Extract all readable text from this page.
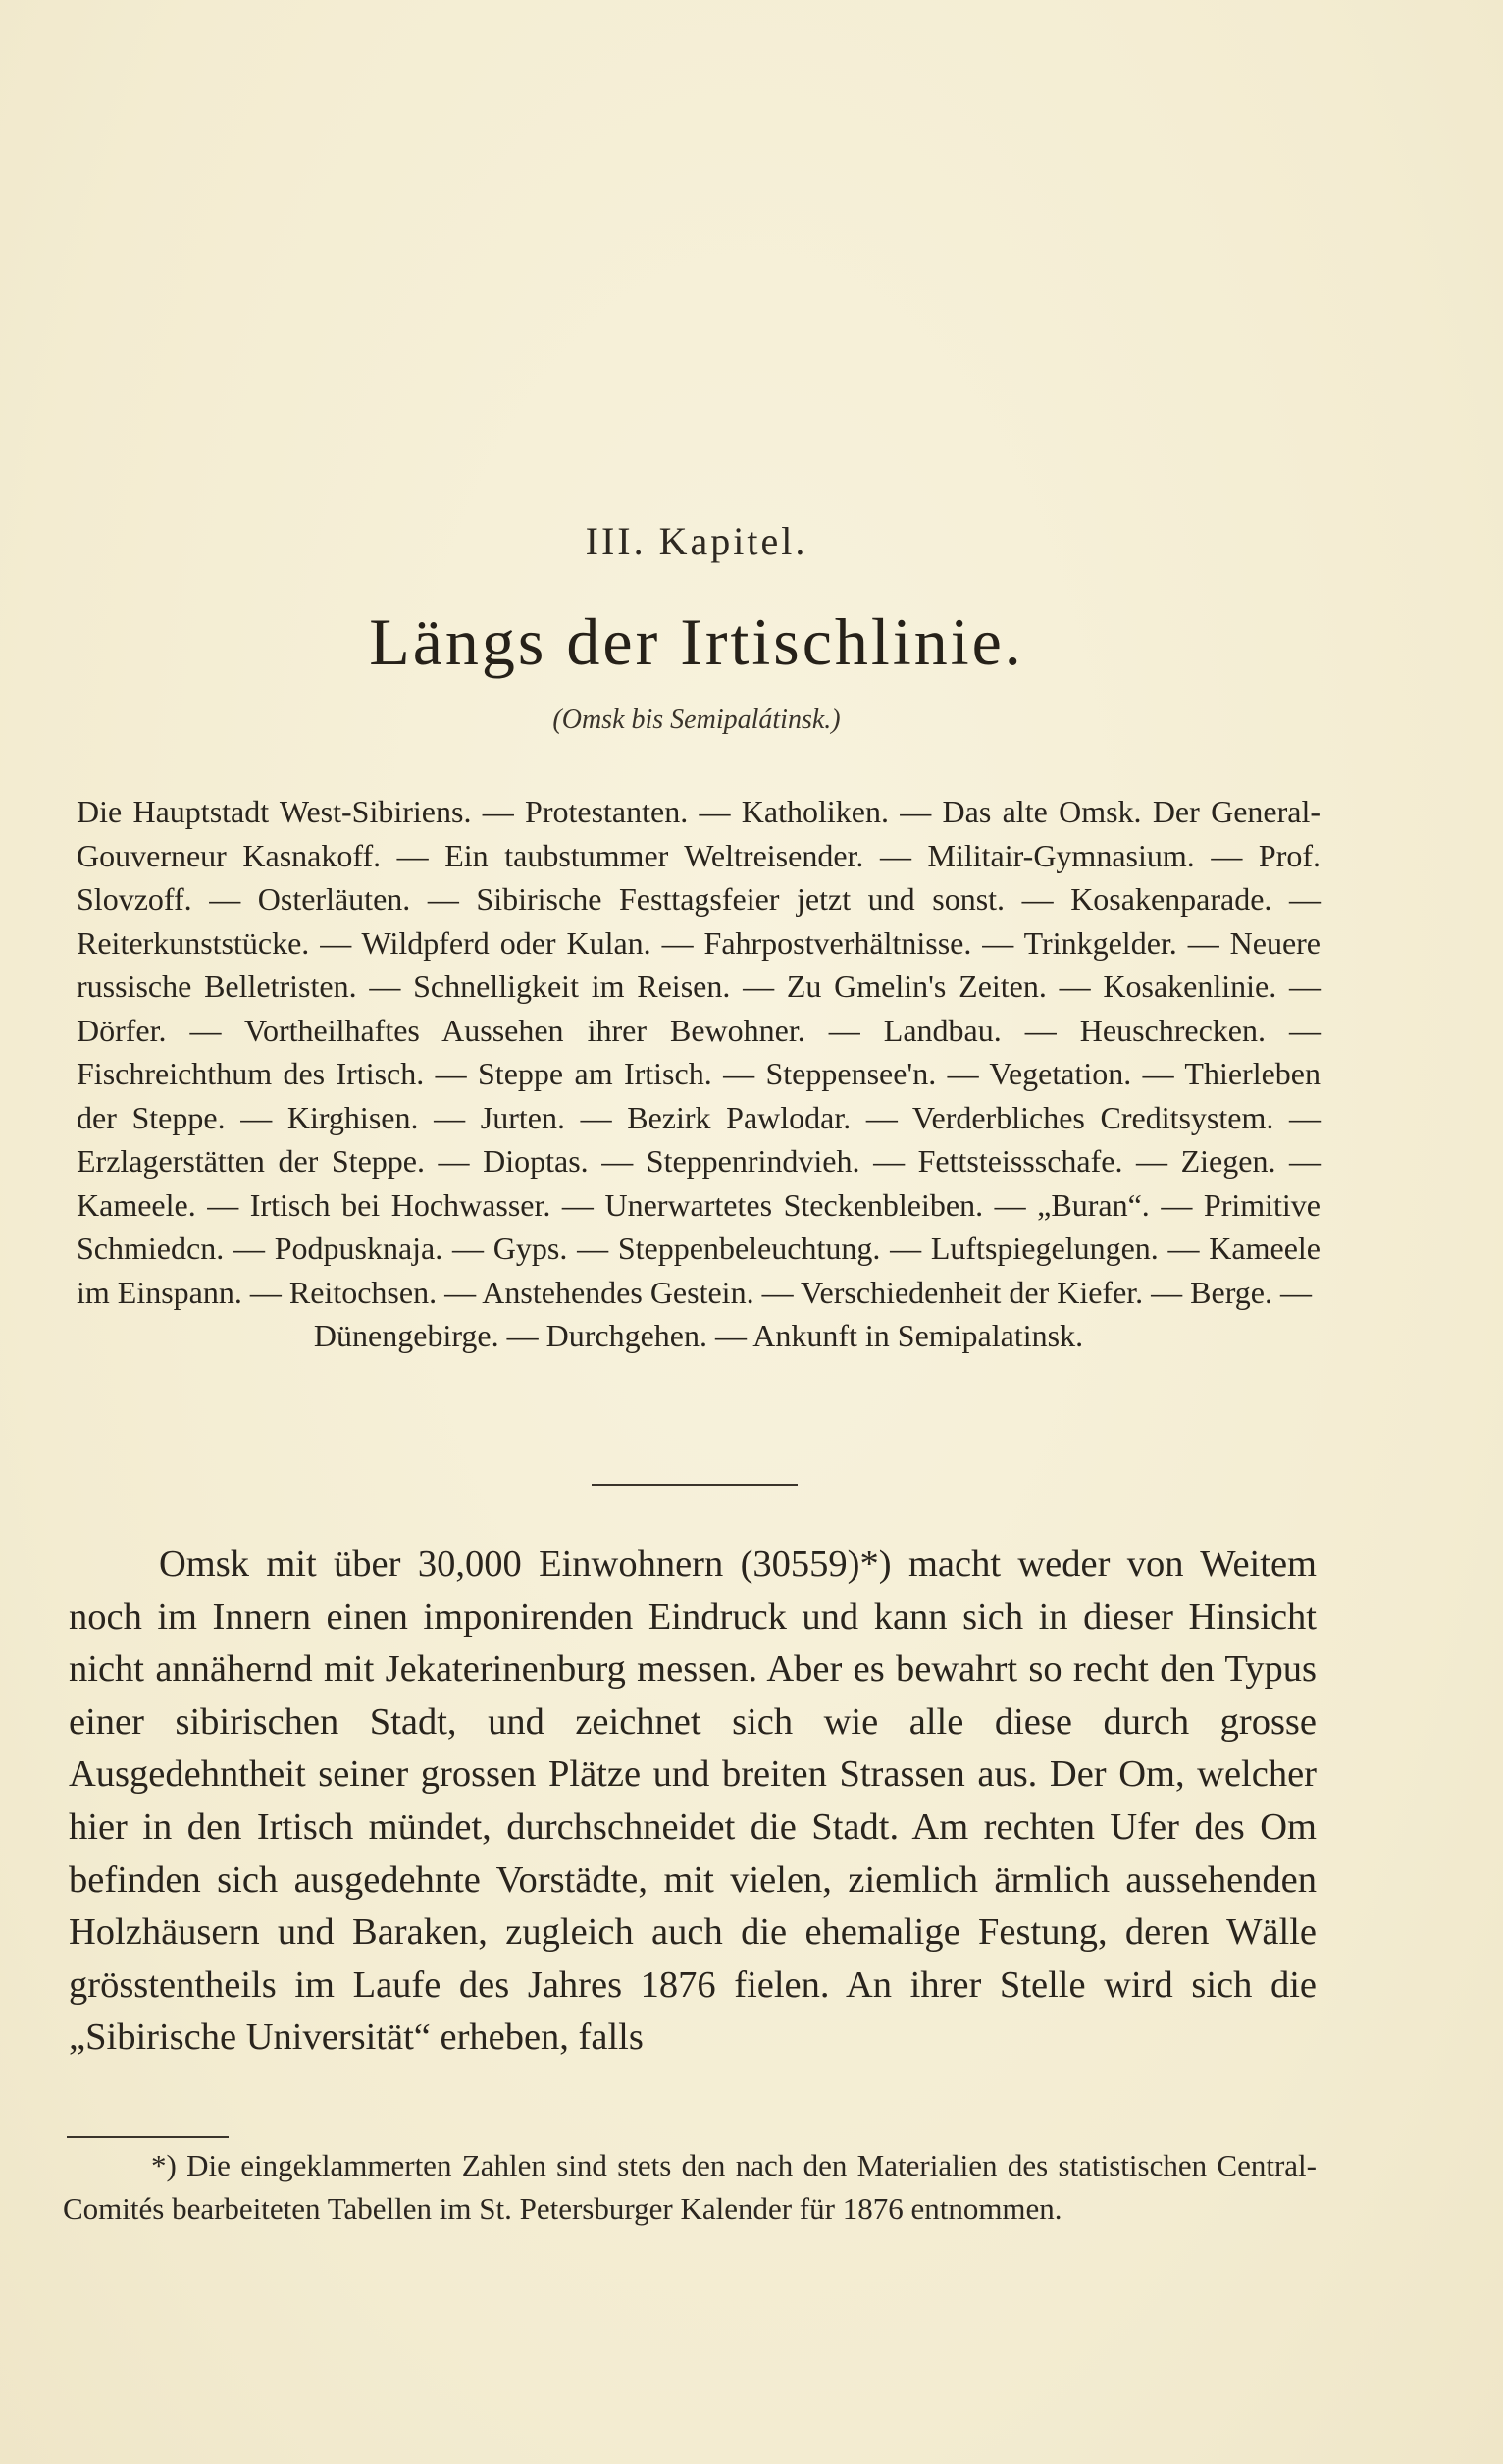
III. Kapitel.
Längs der Irtischlinie.
(Omsk bis Semipalátinsk.)

Die Hauptstadt West-Sibiriens. — Protestanten. — Katholiken. — Das alte Omsk. Der General-Gouverneur Kasnakoff. — Ein taubstummer Weltreisender. — Militair-Gymnasium. — Prof. Slovzoff. — Osterläuten. — Sibirische Festtagsfeier jetzt und sonst. — Kosakenparade. — Reiterkunststücke. — Wildpferd oder Kulan. — Fahrpostverhältnisse. — Trinkgelder. — Neuere russische Belletristen. — Schnelligkeit im Reisen. — Zu Gmelin's Zeiten. — Kosakenlinie. — Dörfer. — Vortheilhaftes Aussehen ihrer Bewohner. — Landbau. — Heuschrecken. — Fischreichthum des Irtisch. — Steppe am Irtisch. — Steppensee'n. — Vegetation. — Thierleben der Steppe. — Kirghisen. — Jurten. — Bezirk Pawlodar. — Verderbliches Creditsystem. — Erzlagerstätten der Steppe. — Dioptas. — Steppenrindvieh. — Fettsteissschafe. — Ziegen. — Kameele. — Irtisch bei Hochwasser. — Unerwartetes Steckenbleiben. — „Buran“. — Primitive Schmiedcn. — Podpusknaja. — Gyps. — Steppenbeleuchtung. — Luftspiegelungen. — Kameele im Einspann. — Reitochsen. — Anstehendes Gestein. — Verschiedenheit der Kiefer. — Berge. —

Dünengebirge. — Durchgehen. — Ankunft in Semipalatinsk.

Omsk mit über 30,000 Einwohnern (30559)*) macht weder von Weitem noch im Innern einen imponirenden Eindruck und kann sich in dieser Hinsicht nicht annähernd mit Jekaterinenburg messen. Aber es bewahrt so recht den Typus einer sibirischen Stadt, und zeichnet sich wie alle diese durch grosse Ausgedehntheit seiner grossen Plätze und breiten Strassen aus. Der Om, welcher hier in den Irtisch mündet, durchschneidet die Stadt. Am rechten Ufer des Om befinden sich ausgedehnte Vorstädte, mit vielen, ziemlich ärmlich aussehenden Holzhäusern und Baraken, zugleich auch die ehemalige Festung, deren Wälle grösstentheils im Laufe des Jahres 1876 fielen. An ihrer Stelle wird sich die „Sibirische Universität“ erheben, falls

*) Die eingeklammerten Zahlen sind stets den nach den Materialien des statistischen Central-Comités bearbeiteten Tabellen im St. Petersburger Kalender für 1876 entnommen.
